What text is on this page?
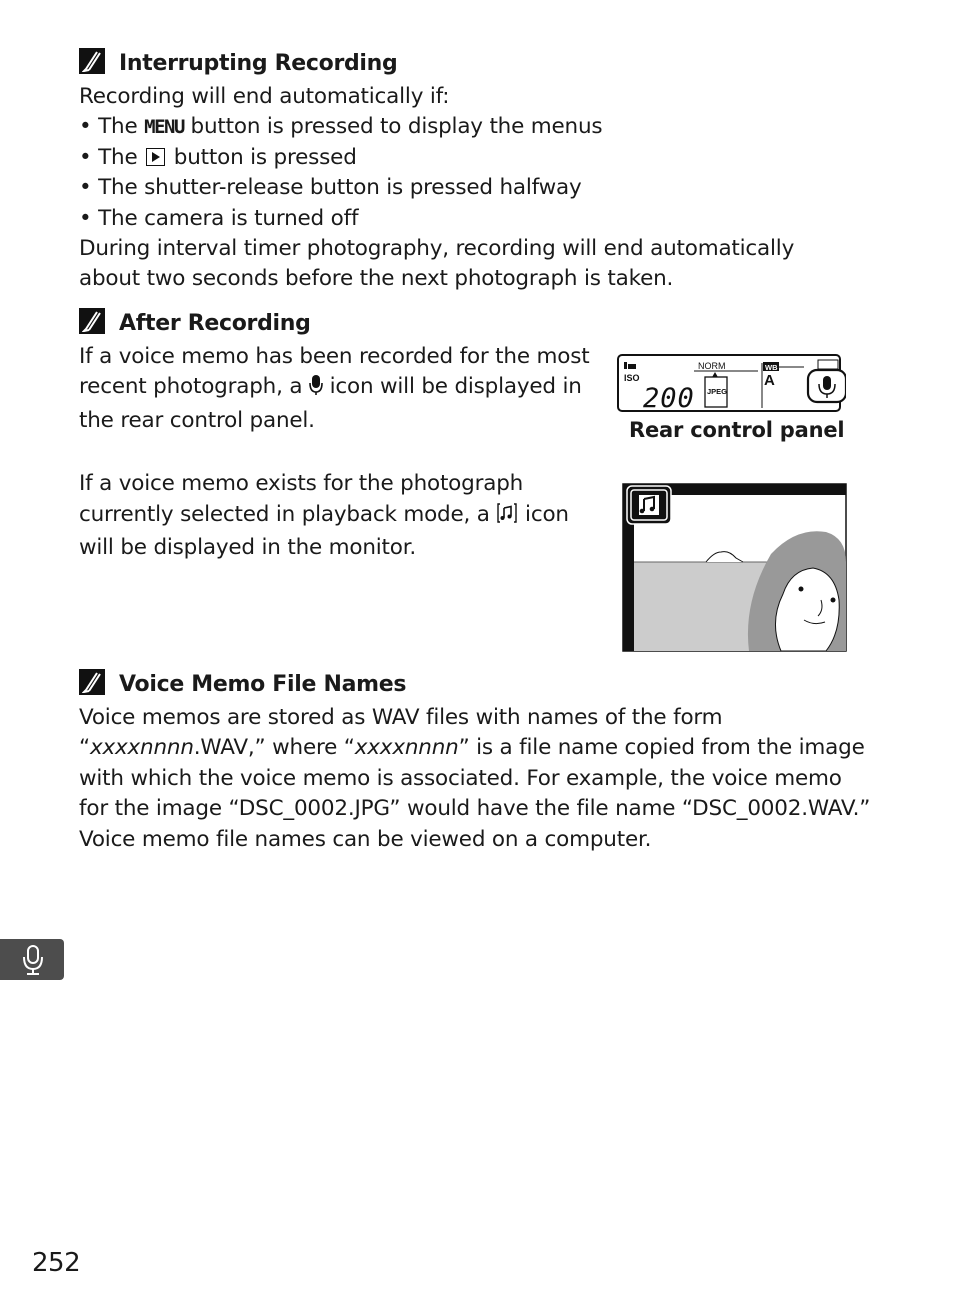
Interrupting Recording
Recording will end automatically if:
• The MENU button is pressed to display the menus
• The  button is pressed
• The shutter-release button is pressed halfway
• The camera is turned off
During interval timer photography, recording will end automatically
about two seconds before the next photograph is taken.
After Recording
If a voice memo has been recorded for the most
recent photograph, a  icon will be displayed in
the rear control panel.
If a voice memo exists for the photograph
currently selected in playback mode, a  icon
will be displayed in the monitor.
ISO
200
NORM
JPEG
WB
A
Rear control panel
Voice Memo File Names
Voice memos are stored as WAV files with names of the form
“xxxxnnnn.WAV,” where “xxxxnnnn” is a file name copied from the image
with which the voice memo is associated. For example, the voice memo
for the image “DSC_0002.JPG” would have the file name “DSC_0002.WAV.”
Voice memo file names can be viewed on a computer.
252
